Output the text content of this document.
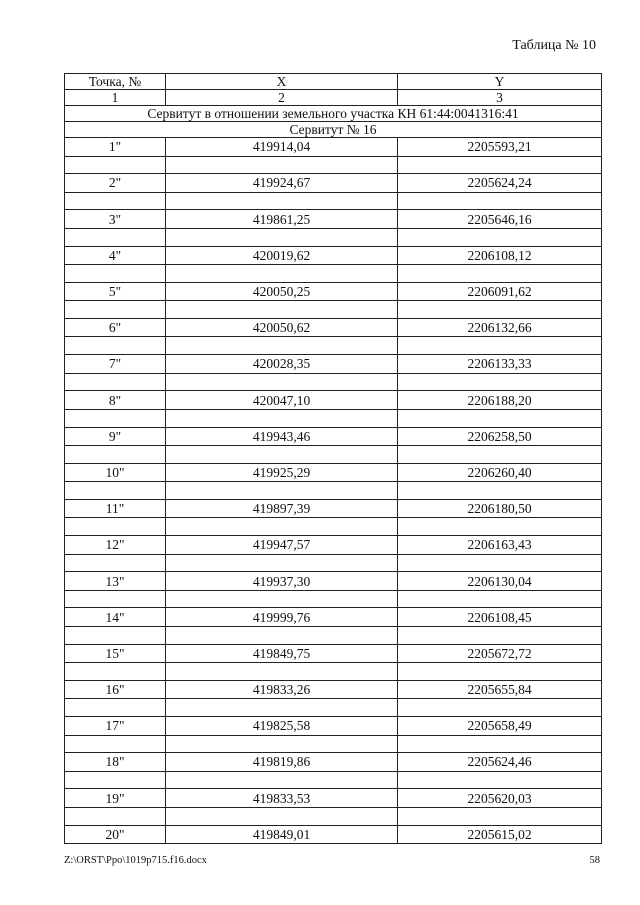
Таблица № 10
Точка, №	X	Y
1	2	3
Сервитут в отношении земельного участка КН 61:44:0041316:41		
Сервитут № 16		
1"	419914,04	2205593,21

2"	419924,67	2205624,24

3"	419861,25	2205646,16

4"	420019,62	2206108,12

5"	420050,25	2206091,62

6"	420050,62	2206132,66

7"	420028,35	2206133,33

8"	420047,10	2206188,20

9"	419943,46	2206258,50

10"	419925,29	2206260,40

11"	419897,39	2206180,50

12"	419947,57	2206163,43

13"	419937,30	2206130,04

14"	419999,76	2206108,45

15"	419849,75	2205672,72

16"	419833,26	2205655,84

17"	419825,58	2205658,49

18"	419819,86	2205624,46

19"	419833,53	2205620,03

20"	419849,01	2205615,02
Z:\ORST\Ppo\1019p715.f16.docx	58
